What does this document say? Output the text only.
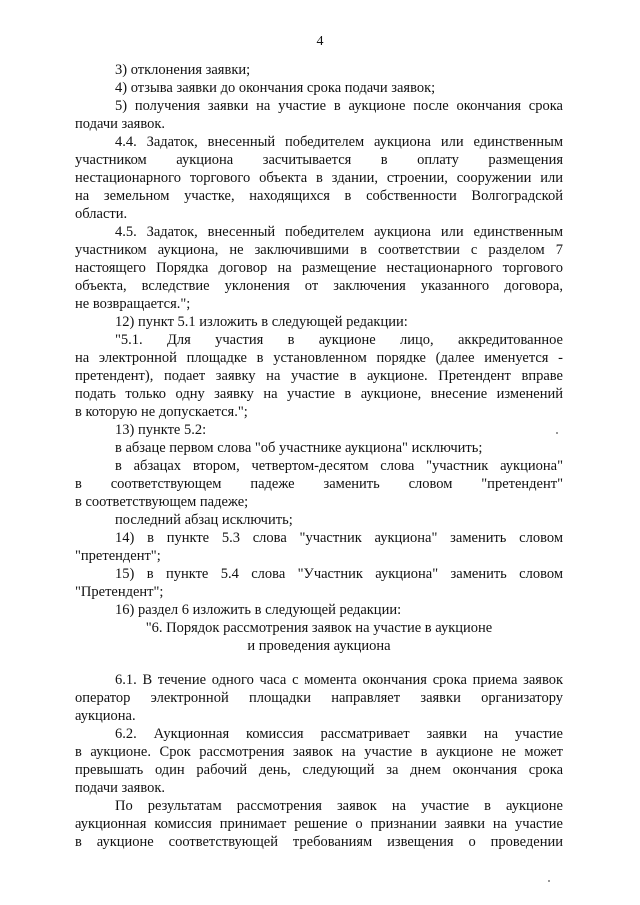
4
3) отклонения заявки;
4) отзыва заявки до окончания срока подачи заявок;
5) получения заявки на участие в аукционе после окончания срока
подачи заявок.
4.4. Задаток, внесенный победителем аукциона или единственным
участником аукциона засчитывается в оплату размещения
нестационарного торгового объекта в здании, строении, сооружении или
на земельном участке, находящихся в собственности Волгоградской
области.
4.5. Задаток, внесенный победителем аукциона или единственным
участником аукциона, не заключившими в соответствии с разделом 7
настоящего Порядка договор на размещение нестационарного торгового
объекта, вследствие уклонения от заключения указанного договора,
не возвращается.";
12) пункт 5.1 изложить в следующей редакции:
"5.1. Для участия в аукционе лицо, аккредитованное
на электронной площадке в установленном порядке (далее именуется -
претендент), подает заявку на участие в аукционе. Претендент вправе
подать только одну заявку на участие в аукционе, внесение изменений
в которую не допускается.";
13) пункте 5.2:
в абзаце первом слова "об участнике аукциона" исключить;
в абзацах втором, четвертом-десятом слова "участник аукциона"
в соответствующем падеже заменить словом "претендент"
в соответствующем падеже;
последний абзац исключить;
14) в пункте 5.3 слова "участник аукциона" заменить словом
"претендент";
15) в пункте 5.4 слова "Участник аукциона" заменить словом
"Претендент";
16) раздел 6 изложить в следующей редакции:
"6. Порядок рассмотрения заявок на участие в аукционе
и проведения аукциона
6.1. В течение одного часа с момента окончания срока приема заявок
оператор электронной площадки направляет заявки организатору
аукциона.
6.2. Аукционная комиссия рассматривает заявки на участие
в аукционе. Срок рассмотрения заявок на участие в аукционе не может
превышать один рабочий день, следующий за днем окончания срока
подачи заявок.
По результатам рассмотрения заявок на участие в аукционе
аукционная комиссия принимает решение о признании заявки на участие
в аукционе соответствующей требованиям извещения о проведении
